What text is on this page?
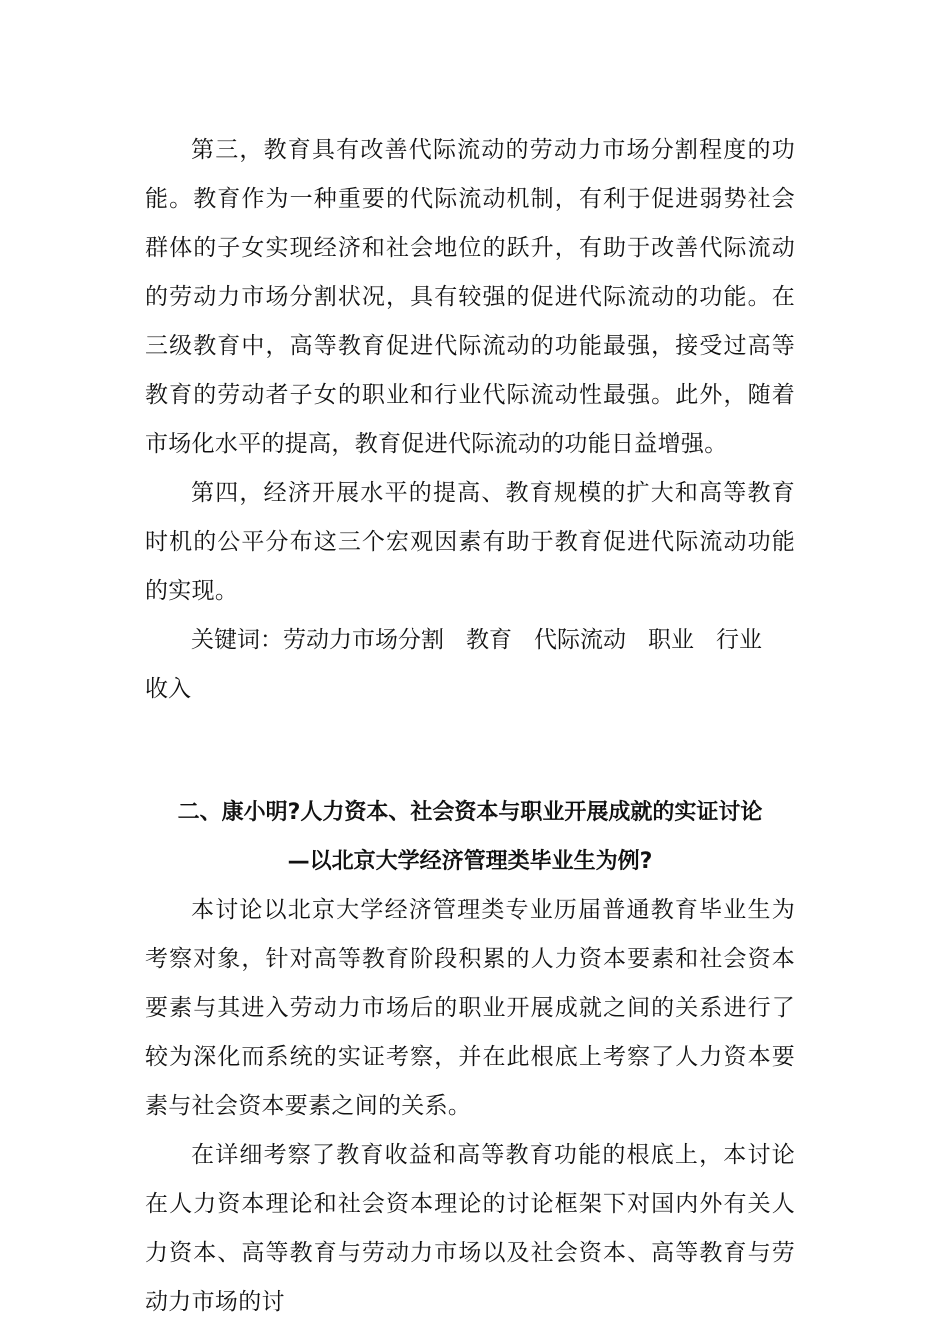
第三，教育具有改善代际流动的劳动力市场分割程度的功能。教育作为一种重要的代际流动机制，有利于促进弱势社会群体的子女实现经济和社会地位的跃升，有助于改善代际流动的劳动力市场分割状况，具有较强的促进代际流动的功能。在三级教育中，高等教育促进代际流动的功能最强，接受过高等教育的劳动者子女的职业和行业代际流动性最强。此外，随着市场化水平的提高，教育促进代际流动的功能日益增强。

第四，经济开展水平的提高、教育规模的扩大和高等教育时机的公平分布这三个宏观因素有助于教育促进代际流动功能的实现。

关键词：劳动力市场分割 教育 代际流动 职业 行业收入

二、康小明?人力资本、社会资本与职业开展成就的实证讨论

—以北京大学经济管理类毕业生为例?

本讨论以北京大学经济管理类专业历届普通教育毕业生为考察对象，针对高等教育阶段积累的人力资本要素和社会资本要素与其进入劳动力市场后的职业开展成就之间的关系进行了较为深化而系统的实证考察，并在此根底上考察了人力资本要素与社会资本要素之间的关系。

在详细考察了教育收益和高等教育功能的根底上，本讨论在人力资本理论和社会资本理论的讨论框架下对国内外有关人力资本、高等教育与劳动力市场以及社会资本、高等教育与劳动力市场的讨
